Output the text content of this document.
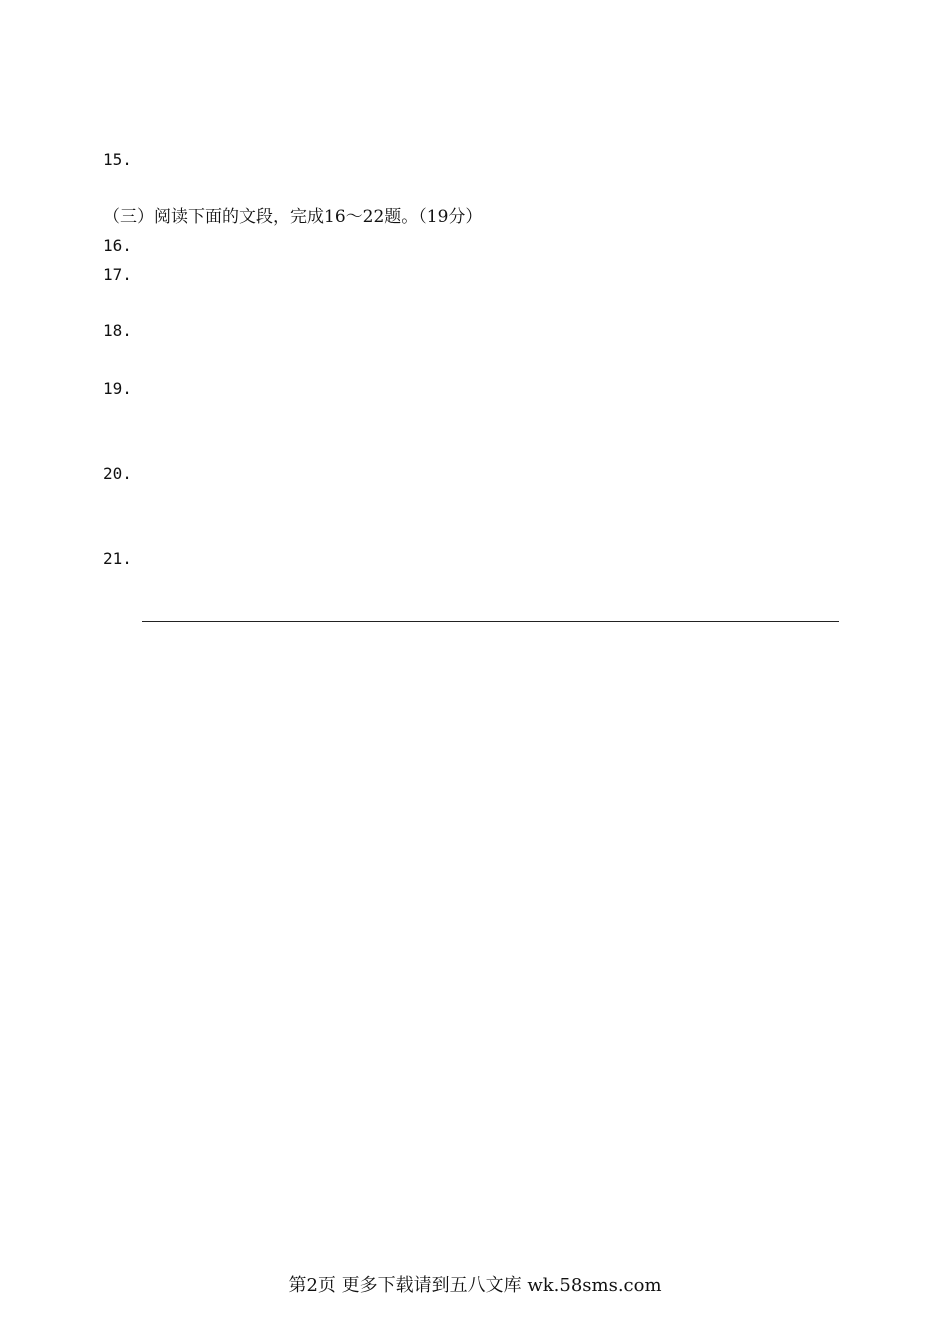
15.
（三）阅读下面的文段，完成16～22题。（19分）
16.
17.
18.
19.
20.
21.
第2页 更多下载请到五八文库 wk.58sms.com
